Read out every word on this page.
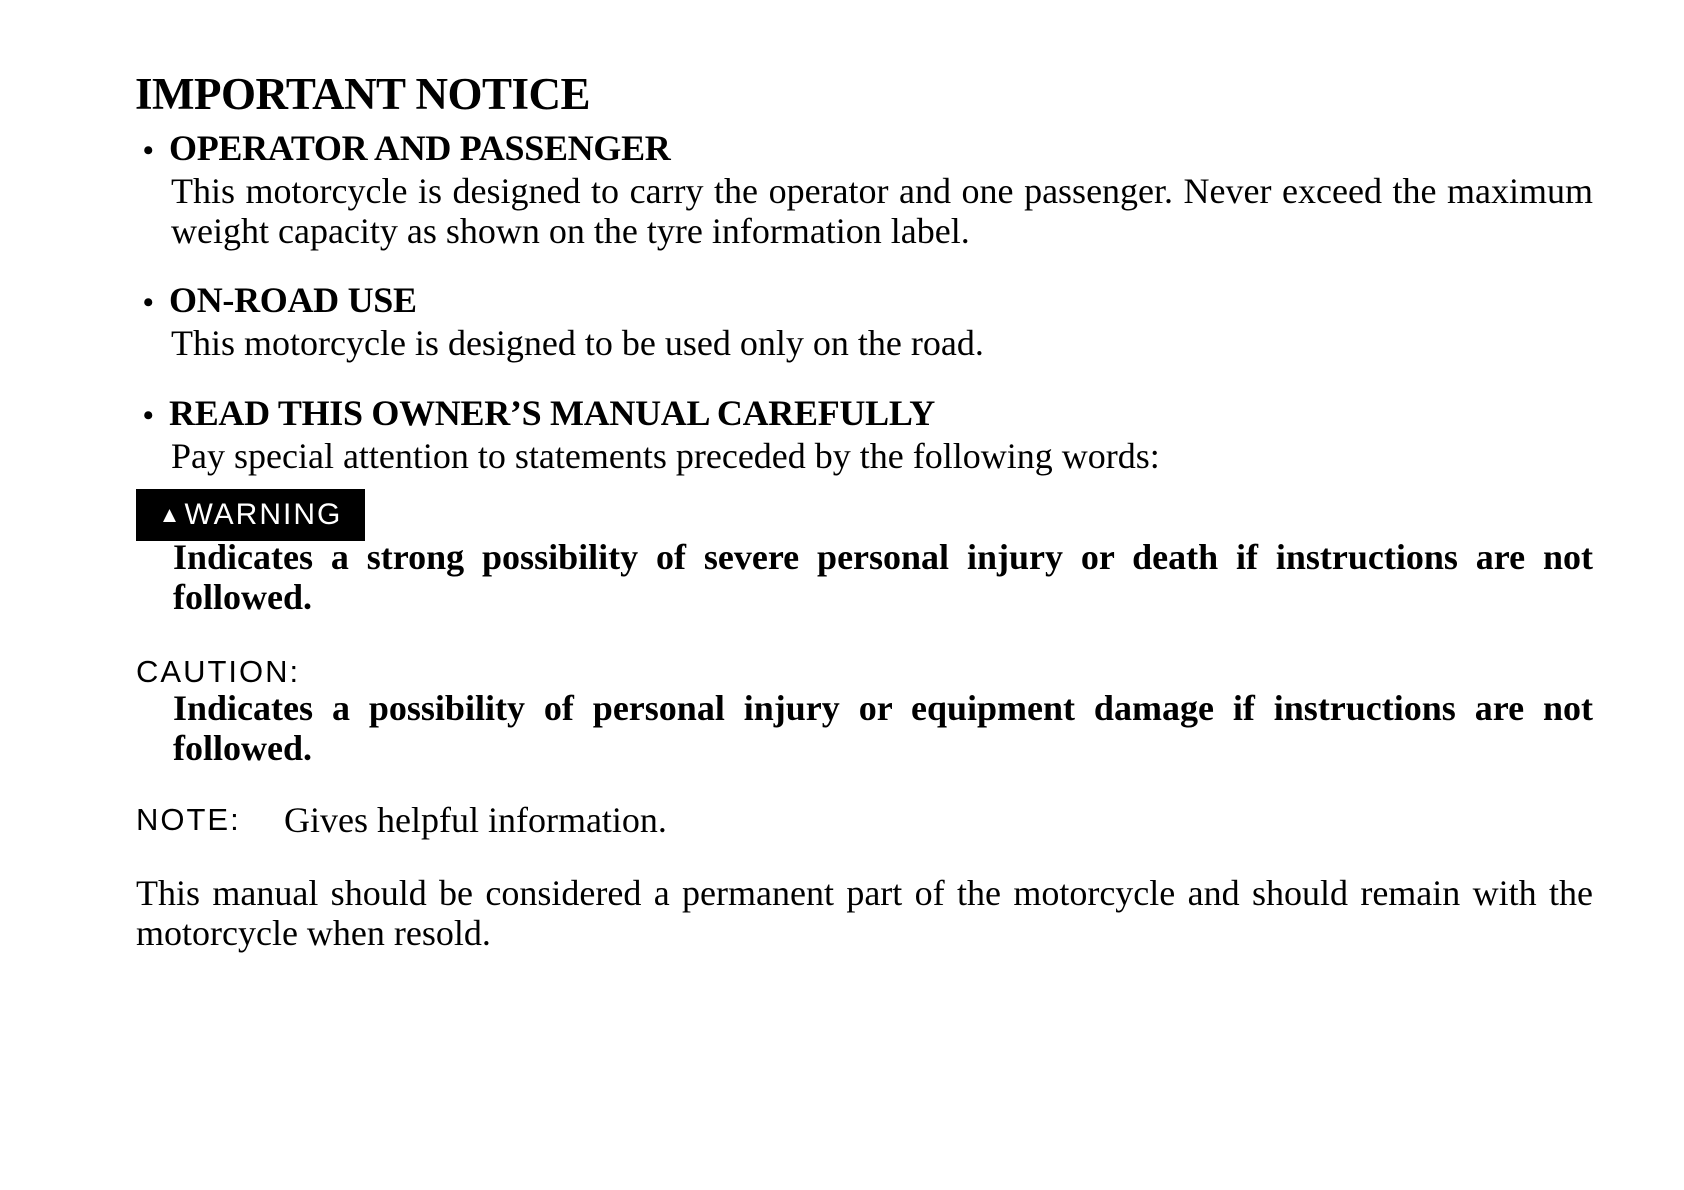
IMPORTANT NOTICE
• OPERATOR AND PASSENGER
This motorcycle is designed to carry the operator and one passenger. Never exceed the maximum weight capacity as shown on the tyre information label.
• ON-ROAD USE
This motorcycle is designed to be used only on the road.
• READ THIS OWNER’S MANUAL CAREFULLY
Pay special attention to statements preceded by the following words:
▲ WARNING
Indicates a strong possibility of severe personal injury or death if instructions are not followed.
CAUTION:
Indicates a possibility of personal injury or equipment damage if instructions are not followed.
NOTE: Gives helpful information.
This manual should be considered a permanent part of the motorcycle and should remain with the motorcycle when resold.
